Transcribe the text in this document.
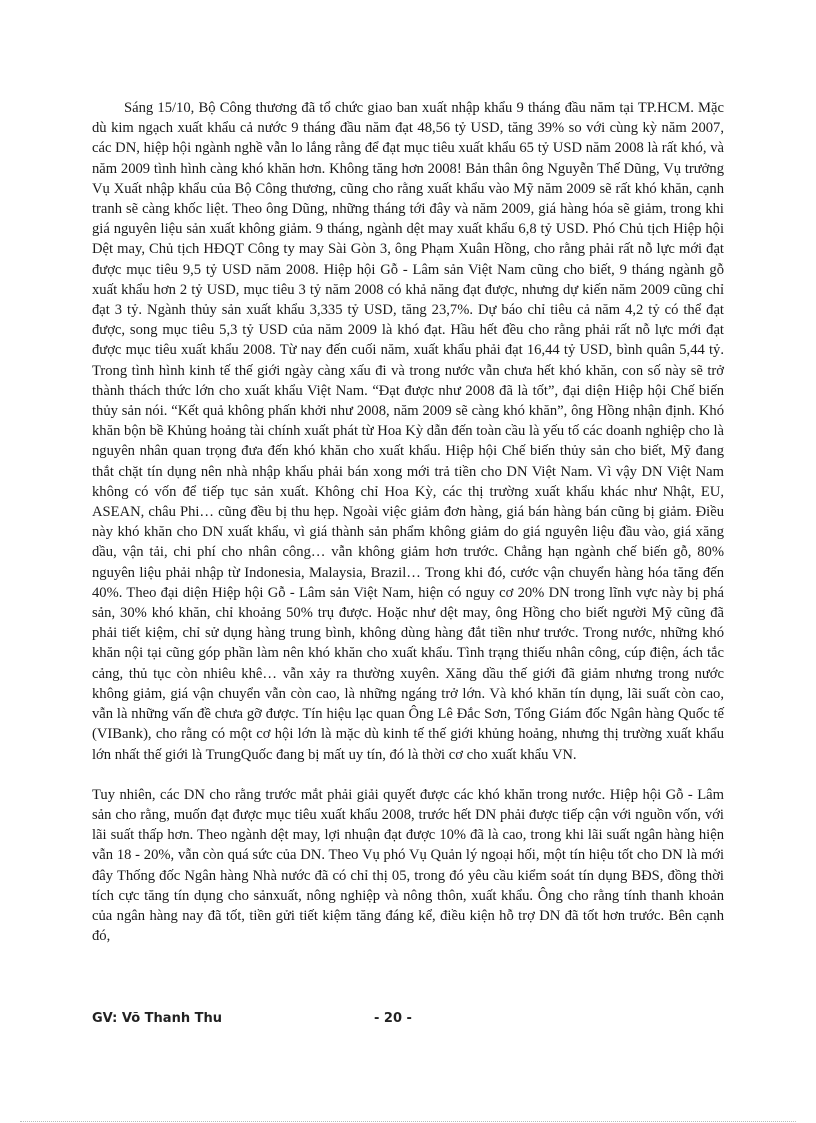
Sáng 15/10, Bộ Công thương đã tổ chức giao ban xuất nhập khẩu 9 tháng đầu năm tại TP.HCM. Mặc dù kim ngạch xuất khẩu cả nước 9 tháng đầu năm đạt 48,56 tỷ USD, tăng 39% so với cùng kỳ năm 2007, các DN, hiệp hội ngành nghề vẫn lo lắng rằng để đạt mục tiêu xuất khẩu 65 tỷ USD năm 2008 là rất khó, và năm 2009 tình hình càng khó khăn hơn. Không tăng hơn 2008! Bản thân ông Nguyễn Thế Dũng, Vụ trưởng Vụ Xuất nhập khẩu của Bộ Công thương, cũng cho rằng xuất khẩu vào Mỹ năm 2009 sẽ rất khó khăn, cạnh tranh sẽ càng khốc liệt. Theo ông Dũng, những tháng tới đây và năm 2009, giá hàng hóa sẽ giảm, trong khi giá nguyên liệu sản xuất không giảm. 9 tháng, ngành dệt may xuất khẩu 6,8 tỷ USD. Phó Chủ tịch Hiệp hội Dệt may, Chủ tịch HĐQT Công ty may Sài Gòn 3, ông Phạm Xuân Hồng, cho rằng phải rất nỗ lực mới đạt được mục tiêu 9,5 tỷ USD năm 2008. Hiệp hội Gỗ - Lâm sản Việt Nam cũng cho biết, 9 tháng ngành gỗ xuất khẩu hơn 2 tỷ USD, mục tiêu 3 tỷ năm 2008 có khả năng đạt được, nhưng dự kiến năm 2009 cũng chỉ đạt 3 tỷ. Ngành thủy sản xuất khẩu 3,335 tỷ USD, tăng 23,7%. Dự báo chỉ tiêu cả năm 4,2 tỷ có thể đạt được, song mục tiêu 5,3 tỷ USD của năm 2009 là khó đạt. Hầu hết đều cho rằng phải rất nỗ lực mới đạt được mục tiêu xuất khẩu 2008. Từ nay đến cuối năm, xuất khẩu phải đạt 16,44 tỷ USD, bình quân 5,44 tỷ. Trong tình hình kinh tế thế giới ngày càng xấu đi và trong nước vẫn chưa hết khó khăn, con số này sẽ trở thành thách thức lớn cho xuất khẩu Việt Nam. “Đạt được như 2008 đã là tốt”, đại diện Hiệp hội Chế biến thủy sản nói. “Kết quả không phấn khởi như 2008, năm 2009 sẽ càng khó khăn”, ông Hồng nhận định. Khó khăn bộn bề Khủng hoảng tài chính xuất phát từ Hoa Kỳ dẫn đến toàn cầu là yếu tố các doanh nghiệp cho là nguyên nhân quan trọng đưa đến khó khăn cho xuất khẩu. Hiệp hội Chế biến thủy sản cho biết, Mỹ đang thắt chặt tín dụng nên nhà nhập khẩu phải bán xong mới trả tiền cho DN Việt Nam. Vì vậy DN Việt Nam không có vốn để tiếp tục sản xuất. Không chỉ Hoa Kỳ, các thị trường xuất khẩu khác như Nhật, EU, ASEAN, châu Phi… cũng đều bị thu hẹp. Ngoài việc giảm đơn hàng, giá bán hàng bán cũng bị giảm. Điều này khó khăn cho DN xuất khẩu, vì giá thành sản phẩm không giảm do giá nguyên liệu đầu vào, giá xăng dầu, vận tải, chi phí cho nhân công… vẫn không giảm hơn trước. Chẳng hạn ngành chế biến gỗ, 80% nguyên liệu phải nhập từ Indonesia, Malaysia, Brazil… Trong khi đó, cước vận chuyển hàng hóa tăng đến 40%. Theo đại diện Hiệp hội Gỗ - Lâm sản Việt Nam, hiện có nguy cơ 20% DN trong lĩnh vực này bị phá sản, 30% khó khăn, chỉ khoảng 50% trụ được. Hoặc như dệt may, ông Hồng cho biết người Mỹ cũng đã phải tiết kiệm, chỉ sử dụng hàng trung bình, không dùng hàng đắt tiền như trước. Trong nước, những khó khăn nội tại cũng góp phần làm nên khó khăn cho xuất khẩu. Tình trạng thiếu nhân công, cúp điện, ách tắc cảng, thủ tục còn nhiêu khê… vẫn xảy ra thường xuyên. Xăng dầu thế giới đã giảm nhưng trong nước không giảm, giá vận chuyển vẫn còn cao, là những ngáng trở lớn. Và khó khăn tín dụng, lãi suất còn cao, vẫn là những vấn đề chưa gỡ được. Tín hiệu lạc quan Ông Lê Đắc Sơn, Tổng Giám đốc Ngân hàng Quốc tế (VIBank), cho rằng có một cơ hội lớn là mặc dù kinh tế thế giới khủng hoảng, nhưng thị trường xuất khẩu lớn nhất thế giới là TrungQuốc đang bị mất uy tín, đó là thời cơ cho xuất khẩu VN.

Tuy nhiên, các DN cho rằng trước mắt phải giải quyết được các khó khăn trong nước. Hiệp hội Gỗ - Lâm sản cho rằng, muốn đạt được mục tiêu xuất khẩu 2008, trước hết DN phải được tiếp cận với nguồn vốn, với lãi suất thấp hơn. Theo ngành dệt may, lợi nhuận đạt được 10% đã là cao, trong khi lãi suất ngân hàng hiện vẫn 18 - 20%, vẫn còn quá sức của DN. Theo Vụ phó Vụ Quản lý ngoại hối, một tín hiệu tốt cho DN là mới đây Thống đốc Ngân hàng Nhà nước đã có chỉ thị 05, trong đó yêu cầu kiểm soát tín dụng BĐS, đồng thời tích cực tăng tín dụng cho sảnxuất, nông nghiệp và nông thôn, xuất khẩu. Ông cho rằng tính thanh khoản của ngân hàng nay đã tốt, tiền gửi tiết kiệm tăng đáng kể, điều kiện hỗ trợ DN đã tốt hơn trước. Bên cạnh đó,

GV: Võ Thanh Thu	- 20 -
